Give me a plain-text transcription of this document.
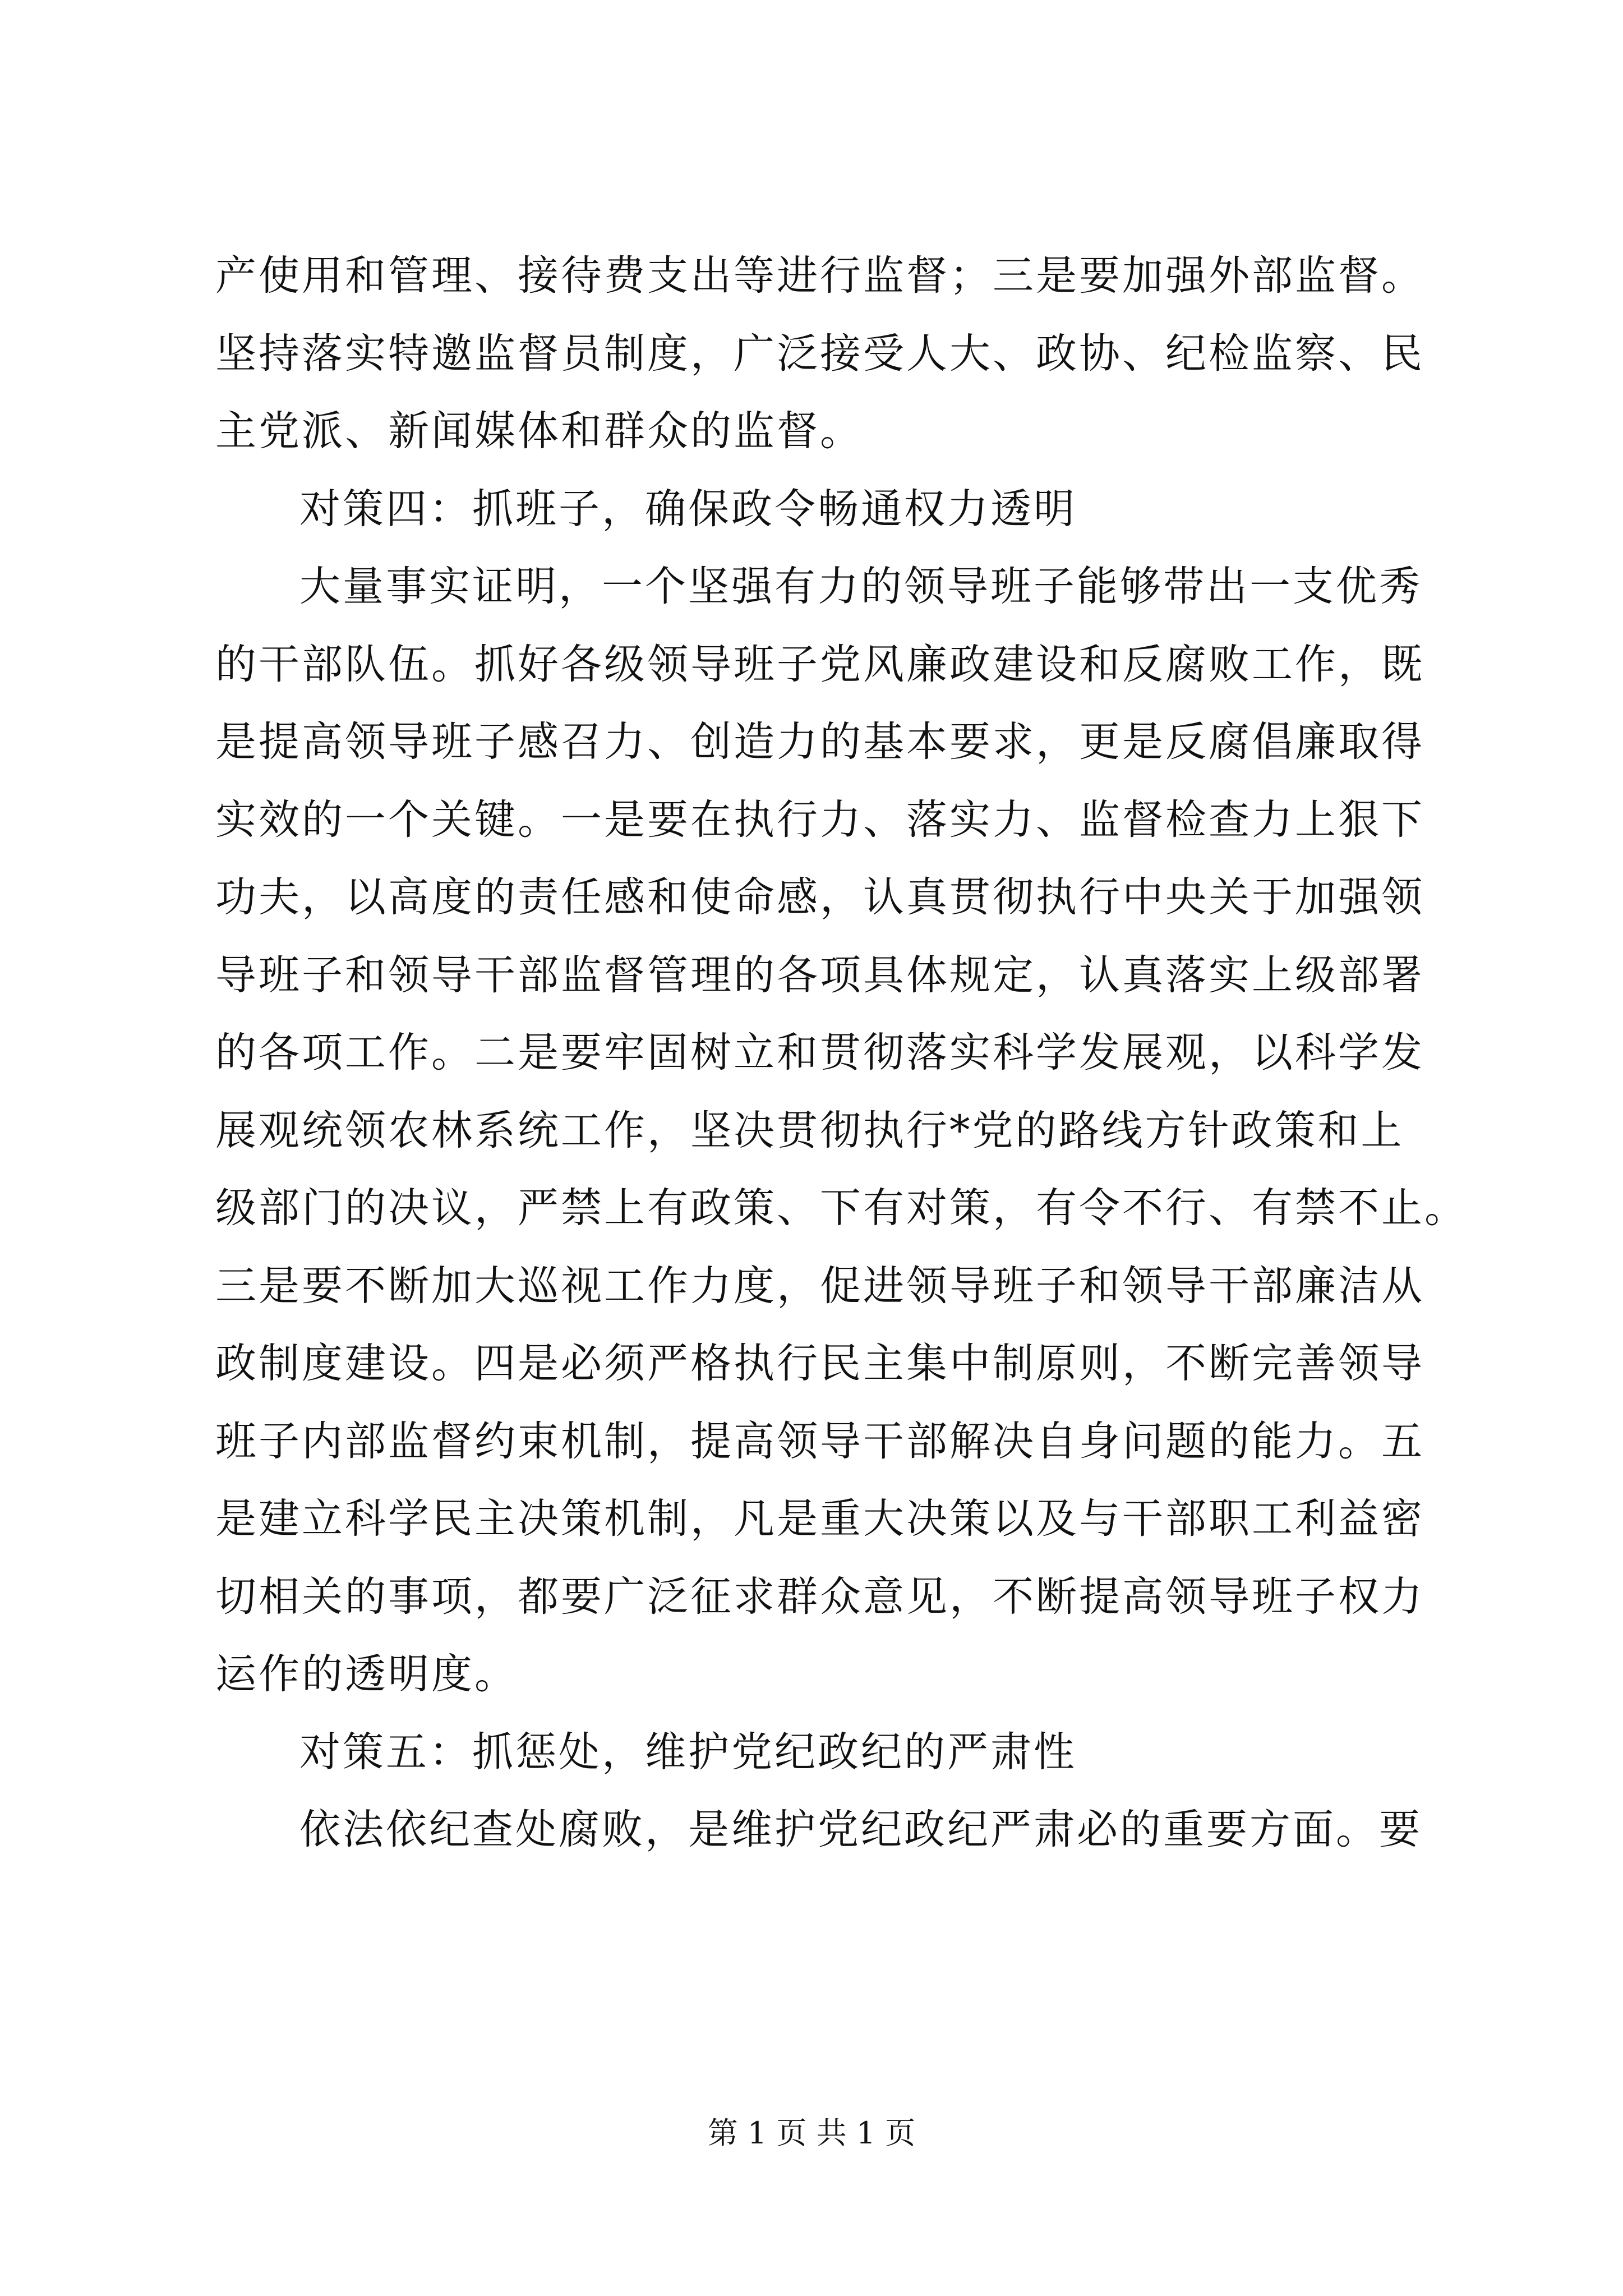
产使用和管理、接待费支出等进行监督；三是要加强外部监督。
坚持落实特邀监督员制度，广泛接受人大、政协、纪检监察、民
主党派、新闻媒体和群众的监督。
对策四：抓班子，确保政令畅通权力透明
大量事实证明，一个坚强有力的领导班子能够带出一支优秀
的干部队伍。抓好各级领导班子党风廉政建设和反腐败工作，既
是提高领导班子感召力、创造力的基本要求，更是反腐倡廉取得
实效的一个关键。一是要在执行力、落实力、监督检查力上狠下
功夫，以高度的责任感和使命感，认真贯彻执行中央关于加强领
导班子和领导干部监督管理的各项具体规定，认真落实上级部署
的各项工作。二是要牢固树立和贯彻落实科学发展观，以科学发
展观统领农林系统工作，坚决贯彻执行*党的路线方针政策和上
级部门的决议，严禁上有政策、下有对策，有令不行、有禁不止。
三是要不断加大巡视工作力度，促进领导班子和领导干部廉洁从
政制度建设。四是必须严格执行民主集中制原则，不断完善领导
班子内部监督约束机制，提高领导干部解决自身问题的能力。五
是建立科学民主决策机制，凡是重大决策以及与干部职工利益密
切相关的事项，都要广泛征求群众意见，不断提高领导班子权力
运作的透明度。
对策五：抓惩处，维护党纪政纪的严肃性
依法依纪查处腐败，是维护党纪政纪严肃必的重要方面。要
第 1 页 共 1 页
